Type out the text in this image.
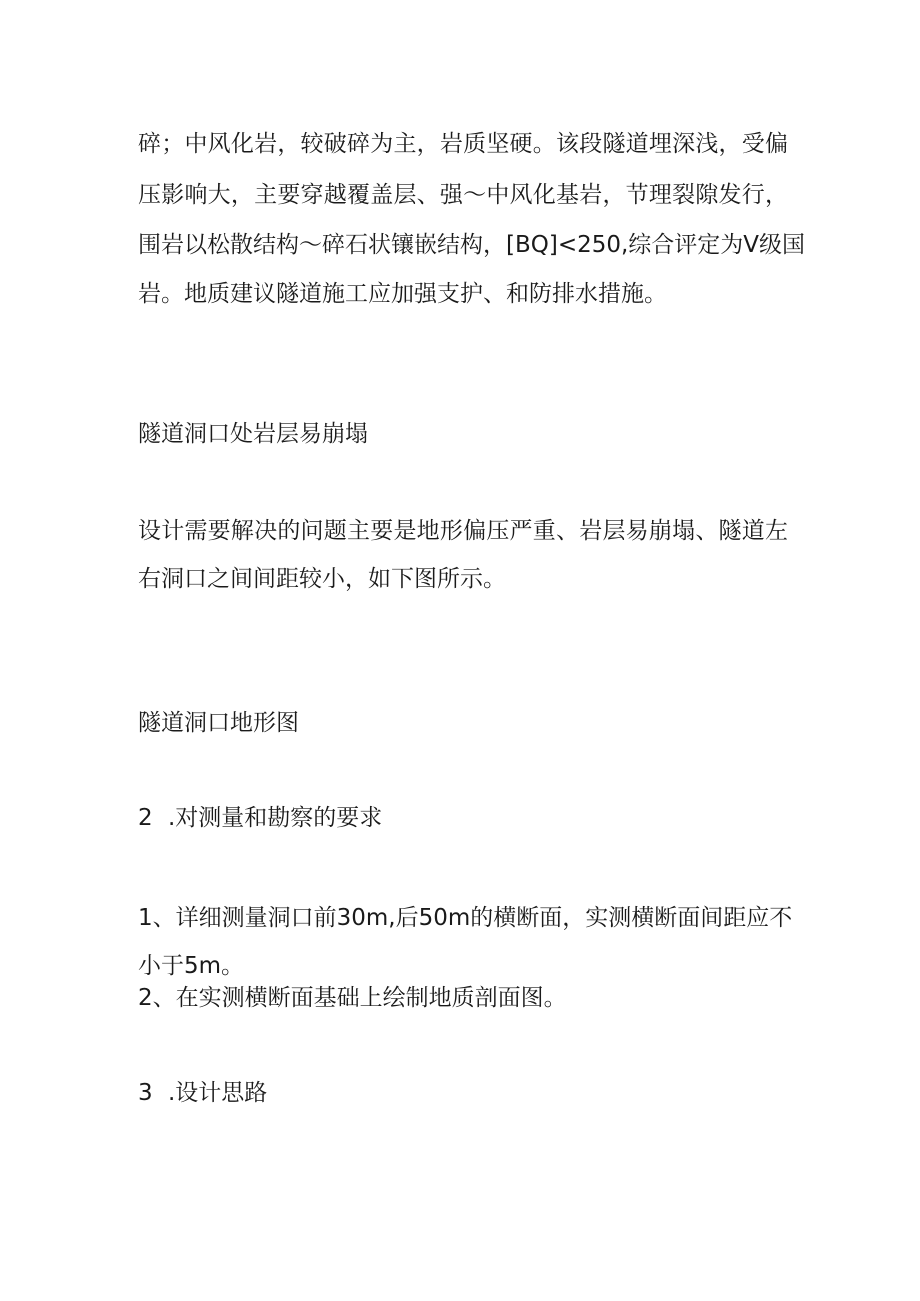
碎；中风化岩，较破碎为主，岩质坚硬。该段隧道埋深浅，受偏
压影响大，主要穿越覆盖层、强～中风化基岩，节理裂隙发行，
围岩以松散结构～碎石状镶嵌结构，[BQ]<250,综合评定为V级国
岩。地质建议隧道施工应加强支护、和防排水措施。
隧道洞口处岩层易崩塌
设计需要解决的问题主要是地形偏压严重、岩层易崩塌、隧道左
右洞口之间间距较小，如下图所示。
隧道洞口地形图
2 .对测量和勘察的要求
1、详细测量洞口前30m,后50m的横断面，实测横断面间距应不
小于5m。
2、在实测横断面基础上绘制地质剖面图。
3 .设计思路
